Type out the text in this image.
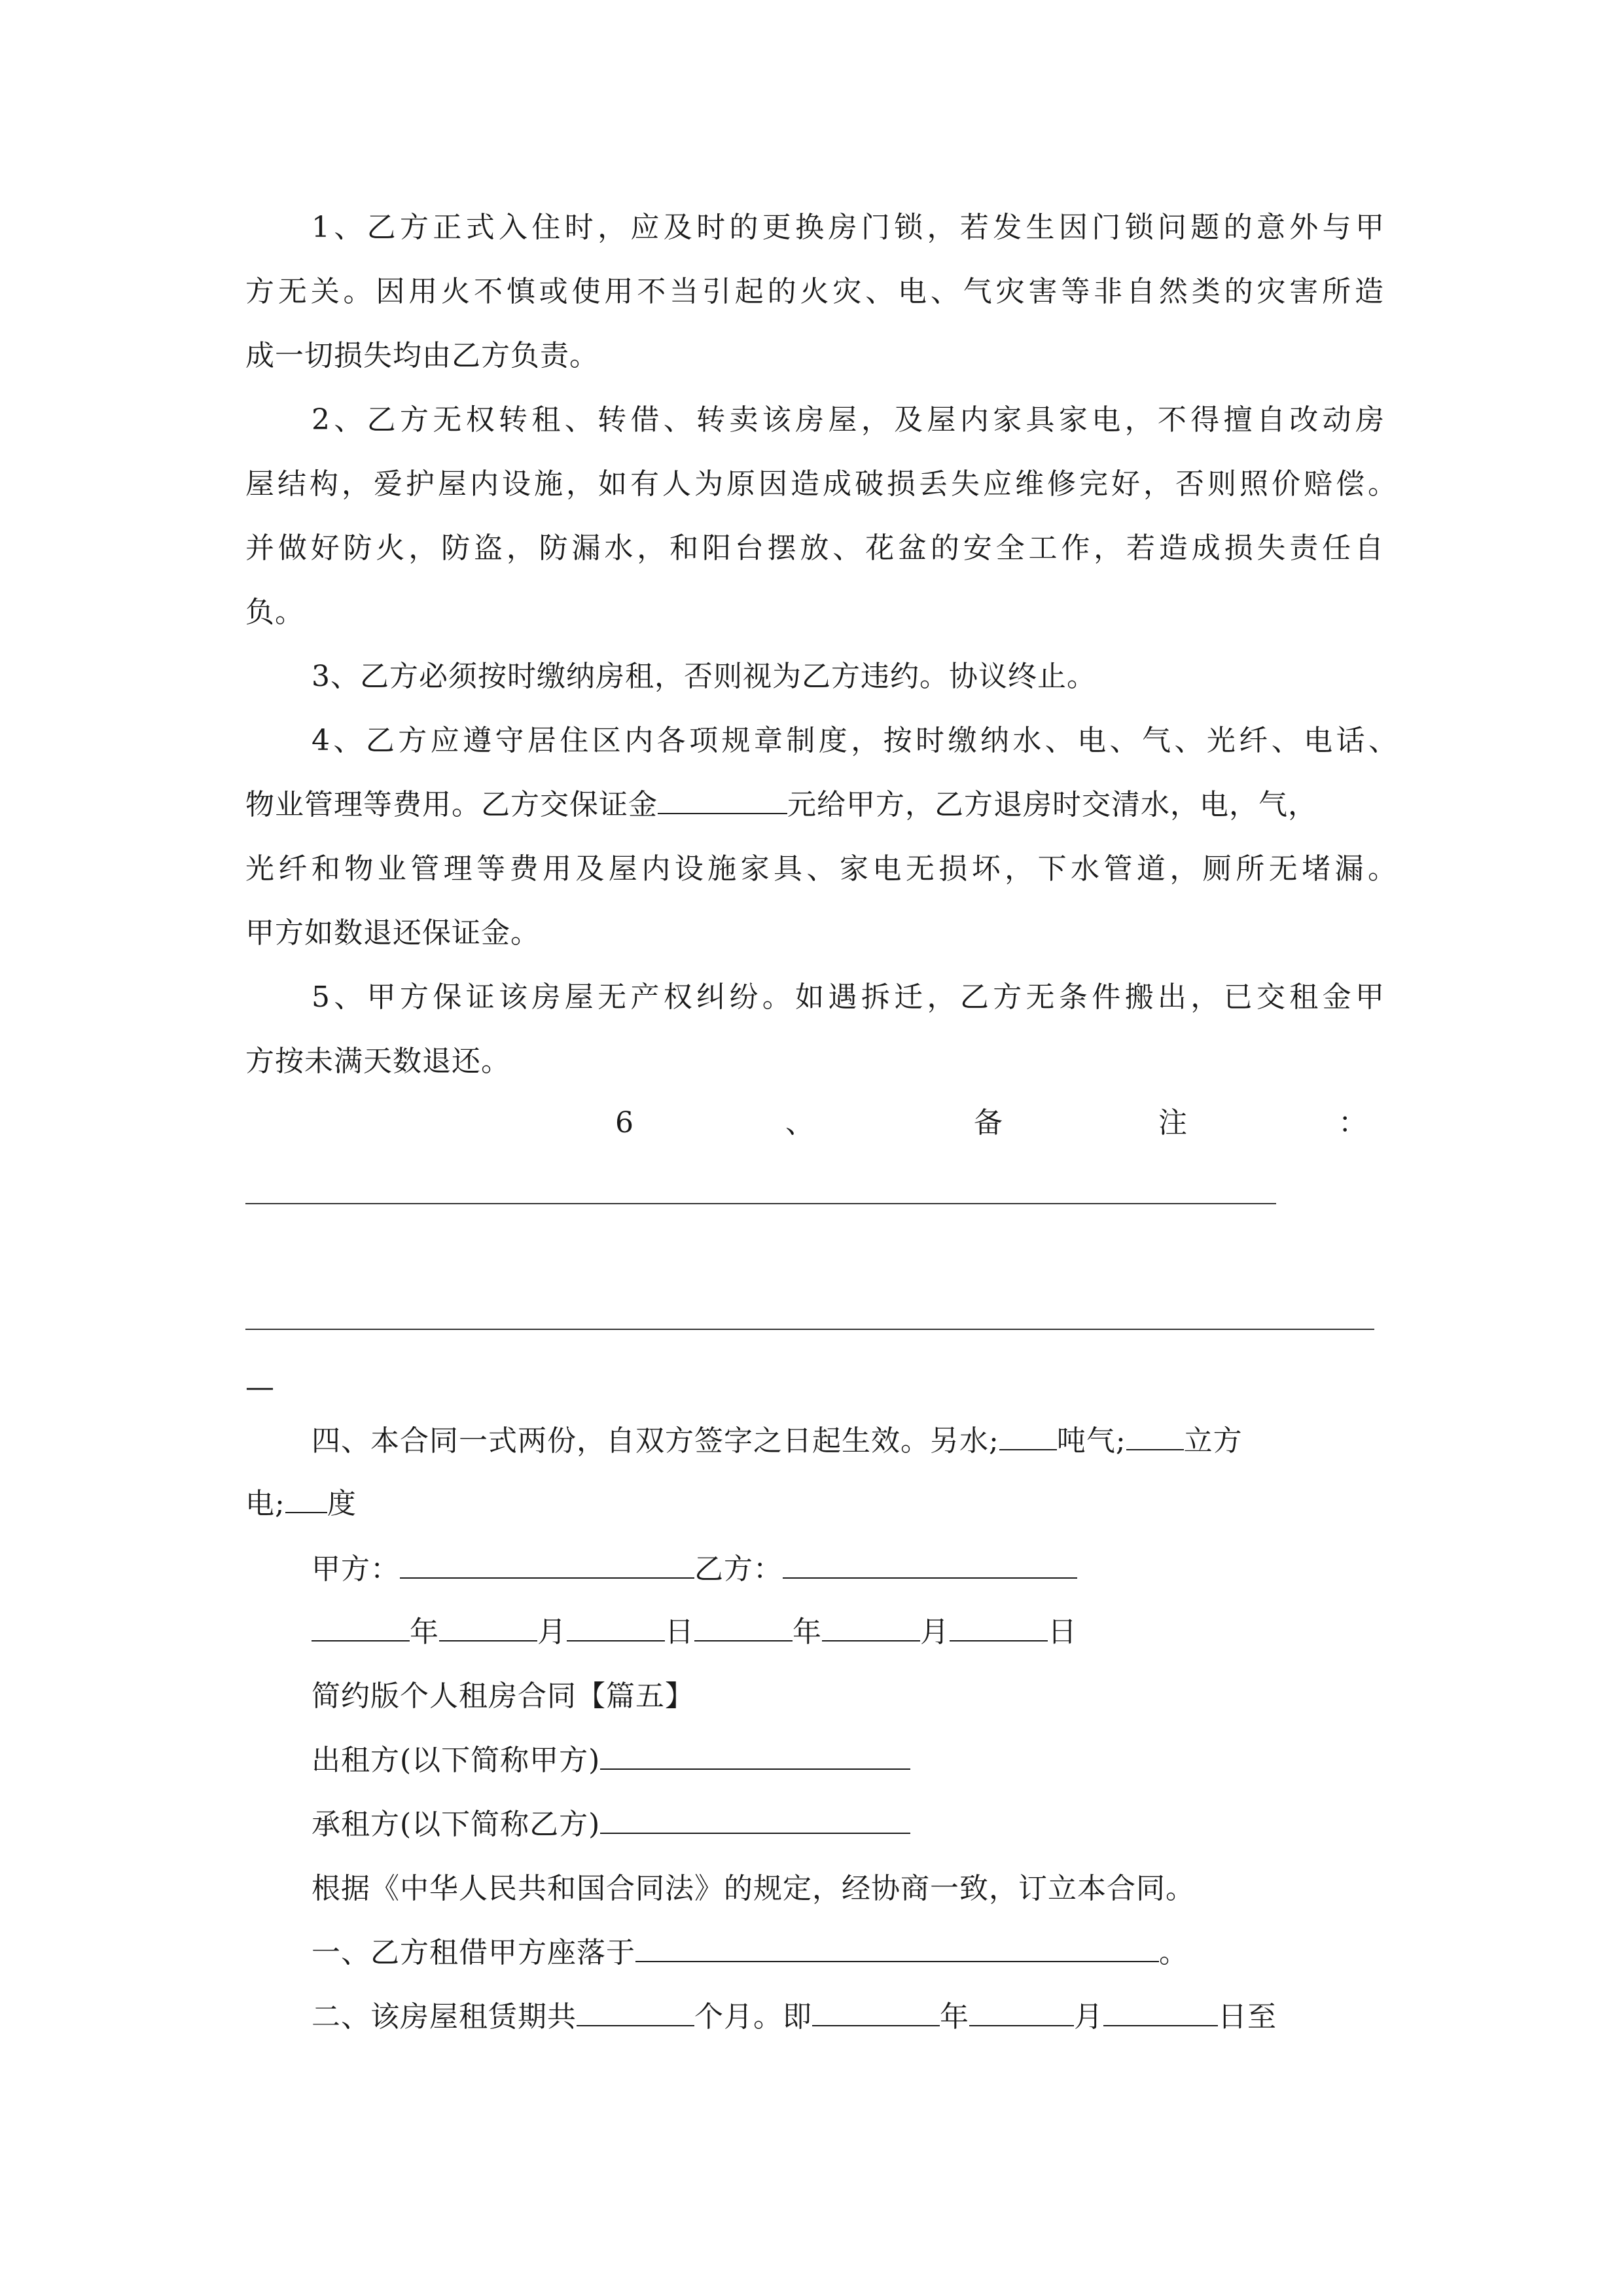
1、乙方正式入住时，应及时的更换房门锁，若发生因门锁问题的意外与甲
方无关。因用火不慎或使用不当引起的火灾、电、气灾害等非自然类的灾害所造
成一切损失均由乙方负责。
2、乙方无权转租、转借、转卖该房屋，及屋内家具家电，不得擅自改动房
屋结构，爱护屋内设施，如有人为原因造成破损丢失应维修完好，否则照价赔偿。
并做好防火，防盗，防漏水，和阳台摆放、花盆的安全工作，若造成损失责任自
负。
3、乙方必须按时缴纳房租，否则视为乙方违约。协议终止。
4、乙方应遵守居住区内各项规章制度，按时缴纳水、电、气、光纤、电话、
物业管理等费用。乙方交保证金	元给甲方，乙方退房时交清水，电，气，
光纤和物业管理等费用及屋内设施家具、家电无损坏，下水管道，厕所无堵漏。
甲方如数退还保证金。
5、甲方保证该房屋无产权纠纷。如遇拆迁，乙方无条件搬出，已交租金甲
方按未满天数退还。
6	、	备	注	：
—
四、本合同一式两份，自双方签字之日起生效。另水; 吨气; 立方
电; 度
甲方：	乙方：
年	月	日	年	月	日
简约版个人租房合同【篇五】
出租方(以下简称甲方)
承租方(以下简称乙方)
根据《中华人民共和国合同法》的规定，经协商一致，订立本合同。
一、乙方租借甲方座落于	。
二、该房屋租赁期共	个月。即	年	月	日至
